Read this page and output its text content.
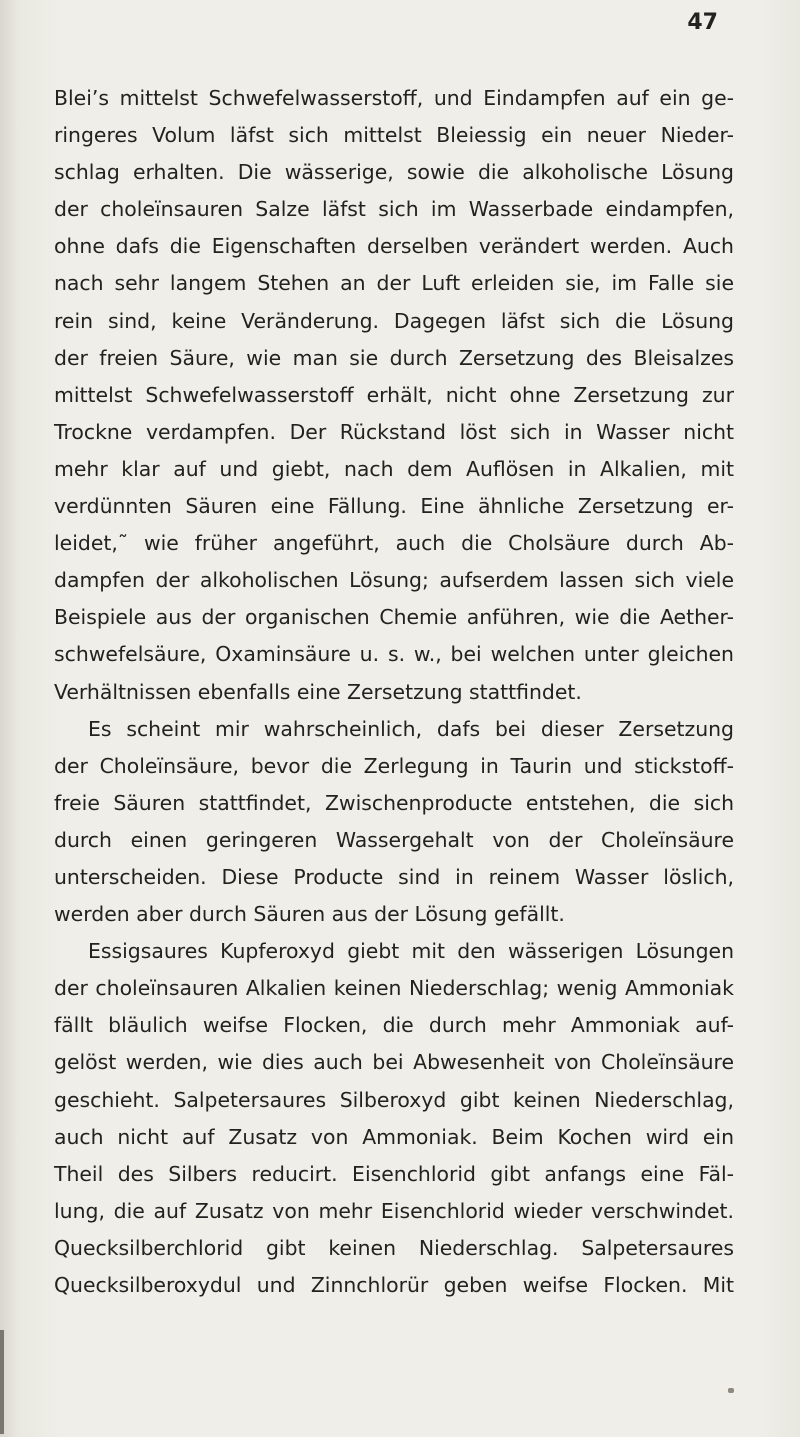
47
Blei’s mittelst Schwefelwasserstoff, und Eindampfen auf ein ge-
ringeres Volum läfst sich mittelst Bleiessig ein neuer Nieder-
schlag erhalten. Die wässerige, sowie die alkoholische Lösung
der choleïnsauren Salze läfst sich im Wasserbade eindampfen,
ohne dafs die Eigenschaften derselben verändert werden. Auch
nach sehr langem Stehen an der Luft erleiden sie, im Falle sie
rein sind, keine Veränderung. Dagegen läfst sich die Lösung
der freien Säure, wie man sie durch Zersetzung des Bleisalzes
mittelst Schwefelwasserstoff erhält, nicht ohne Zersetzung zur
Trockne verdampfen. Der Rückstand löst sich in Wasser nicht
mehr klar auf und giebt, nach dem Auflösen in Alkalien, mit
verdünnten Säuren eine Fällung. Eine ähnliche Zersetzung er-
leidet,˜ wie früher angeführt, auch die Cholsäure durch Ab-
dampfen der alkoholischen Lösung; aufserdem lassen sich viele
Beispiele aus der organischen Chemie anführen, wie die Aether-
schwefelsäure, Oxaminsäure u. s. w., bei welchen unter gleichen
Verhältnissen ebenfalls eine Zersetzung stattfindet.
Es scheint mir wahrscheinlich, dafs bei dieser Zersetzung
der Choleïnsäure, bevor die Zerlegung in Taurin und stickstoff-
freie Säuren stattfindet, Zwischenproducte entstehen, die sich
durch einen geringeren Wassergehalt von der Choleïnsäure
unterscheiden. Diese Producte sind in reinem Wasser löslich,
werden aber durch Säuren aus der Lösung gefällt.
Essigsaures Kupferoxyd giebt mit den wässerigen Lösungen
der choleïnsauren Alkalien keinen Niederschlag; wenig Ammoniak
fällt bläulich weifse Flocken, die durch mehr Ammoniak auf-
gelöst werden, wie dies auch bei Abwesenheit von Choleïnsäure
geschieht. Salpetersaures Silberoxyd gibt keinen Niederschlag,
auch nicht auf Zusatz von Ammoniak. Beim Kochen wird ein
Theil des Silbers reducirt. Eisenchlorid gibt anfangs eine Fäl-
lung, die auf Zusatz von mehr Eisenchlorid wieder verschwindet.
Quecksilberchlorid gibt keinen Niederschlag. Salpetersaures
Quecksilberoxydul und Zinnchlorür geben weifse Flocken. Mit
